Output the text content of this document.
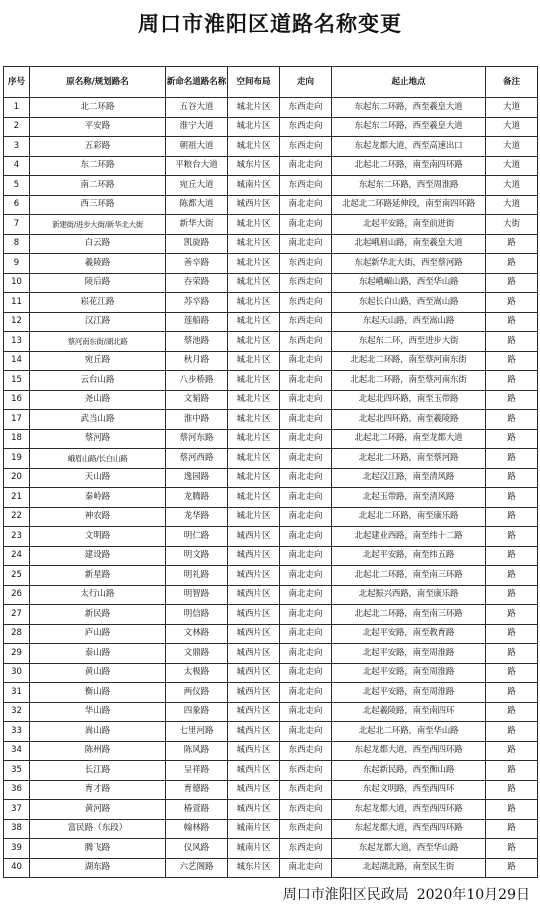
周口市淮阳区道路名称变更
序号	原名称/规划路名	新命名道路名称	空间布局	走向	起止地点	备注
1	北二环路	五谷大道	城北片区	东西走向	东起东二环路，西至羲皇大道	大道
2	平安路	淮宁大道	城北片区	东西走向	东起东二环路，西至羲皇大道	大道
3	五彩路	朝祖大道	城北片区	东西走向	东起龙都大道，西至高速出口	大道
4	东二环路	平粮台大道	城东片区	南北走向	北起北二环路，南至南四环路	大道
5	南二环路	宛丘大道	城南片区	东西走向	东起东二环路，西至周淮路	大道
6	西三环路	陈都大道	城西片区	南北走向	北起北二环路延伸段，南至南四环路	大道
7	新建街/进步大街/新华北大街	新华大街	城北片区	南北走向	北起平安路，南至前进街	大街
8	白云路	凯旋路	城北片区	南北走向	北起峨眉山路，南至羲皇大道	路
9	羲陵路	善卒路	城北片区	东西走向	东起新华北大街，西至蔡河路	路
10	陵后路	吞荣路	城北片区	东西走向	东起峨嵋山路，西至华山路	路
11	崧花江路	苏卒路	城北片区	东西走向	东起长白山路，西至嵩山路	路
12	汉江路	莲船路	城北片区	东西走向	东起天山路，西至嵩山路	路
13	蔡河南东街/湖北路	蔡池路	城北片区	东西走向	东起东二环，西至进步大街	路
14	宛丘路	秋月路	城北片区	南北走向	北起北二环路，南至蔡河南东街	路
15	云台山路	八步桥路	城北片区	南北走向	北起北二环路，南至蔡河南东街	路
16	尧山路	文韬路	城北片区	南北走向	北起北四环路，南至玉带路	路
17	武当山路	淮中路	城北片区	南北走向	北起北四环路，南至羲陵路	路
18	蔡河路	蔡河东路	城北片区	南北走向	北起北二环路，南至龙都大道	路
19	峨眉山路/长白山路	蔡河西路	城北片区	南北走向	北起北二环路，南至蔡河路	路
20	天山路	逸园路	城北片区	南北走向	北起汉江路，南至清风路	路
21	秦岭路	龙腾路	城北片区	南北走向	北起玉带路，南至清风路	路
22	神农路	龙华路	城北片区	南北走向	北起北二环路，南至康乐路	路
23	文明路	明仁路	城西片区	南北走向	北起建业西路，南至纬十二路	路
24	建设路	明文路	城西片区	南北走向	北起平安路，南至纬五路	路
25	新星路	明礼路	城西片区	南北走向	北起北二环路，南至南三环路	路
26	太行山路	明智路	城西片区	南北走向	北起振兴西路，南至康乐路	路
27	新民路	明信路	城西片区	南北走向	北起北二环路，南至南三环路	路
28	庐山路	文林路	城西片区	南北走向	北起平安路，南至教育路	路
29	泰山路	文鼎路	城西片区	南北走向	北起平安路，南至周淮路	路
30	黄山路	太极路	城西片区	南北走向	北起平安路，南至周淮路	路
31	衡山路	两仪路	城西片区	南北走向	北起平安路，南至周淮路	路
32	华山路	四象路	城西片区	南北走向	北起羲陵路，南至南四环	路
33	嵩山路	七里河路	城西片区	南北走向	北起北二环路，南至华山路	路
34	陈州路	陈风路	城西片区	东西走向	东起龙都大道，西至西四环路	路
35	长江路	呈祥路	城西片区	东西走向	东起新民路，西至衡山路	路
36	育才路	育德路	城西片区	东西走向	东起文明路，西至西四环	路
37	黄河路	椿萱路	城西片区	东西走向	东起龙都大道，西至西四环路	路
38	富民路（东段）	翰林路	城南片区	东西走向	东起龙都大道，西至西四环路	路
39	腾飞路	仪风路	城南片区	东西走向	东起龙都大道，西至华山路	路
40	湖东路	六艺阁路	城东片区	南北走向	北起湖北路，南至民生街	路
周口市淮阳区民政局 2020年10月29日
